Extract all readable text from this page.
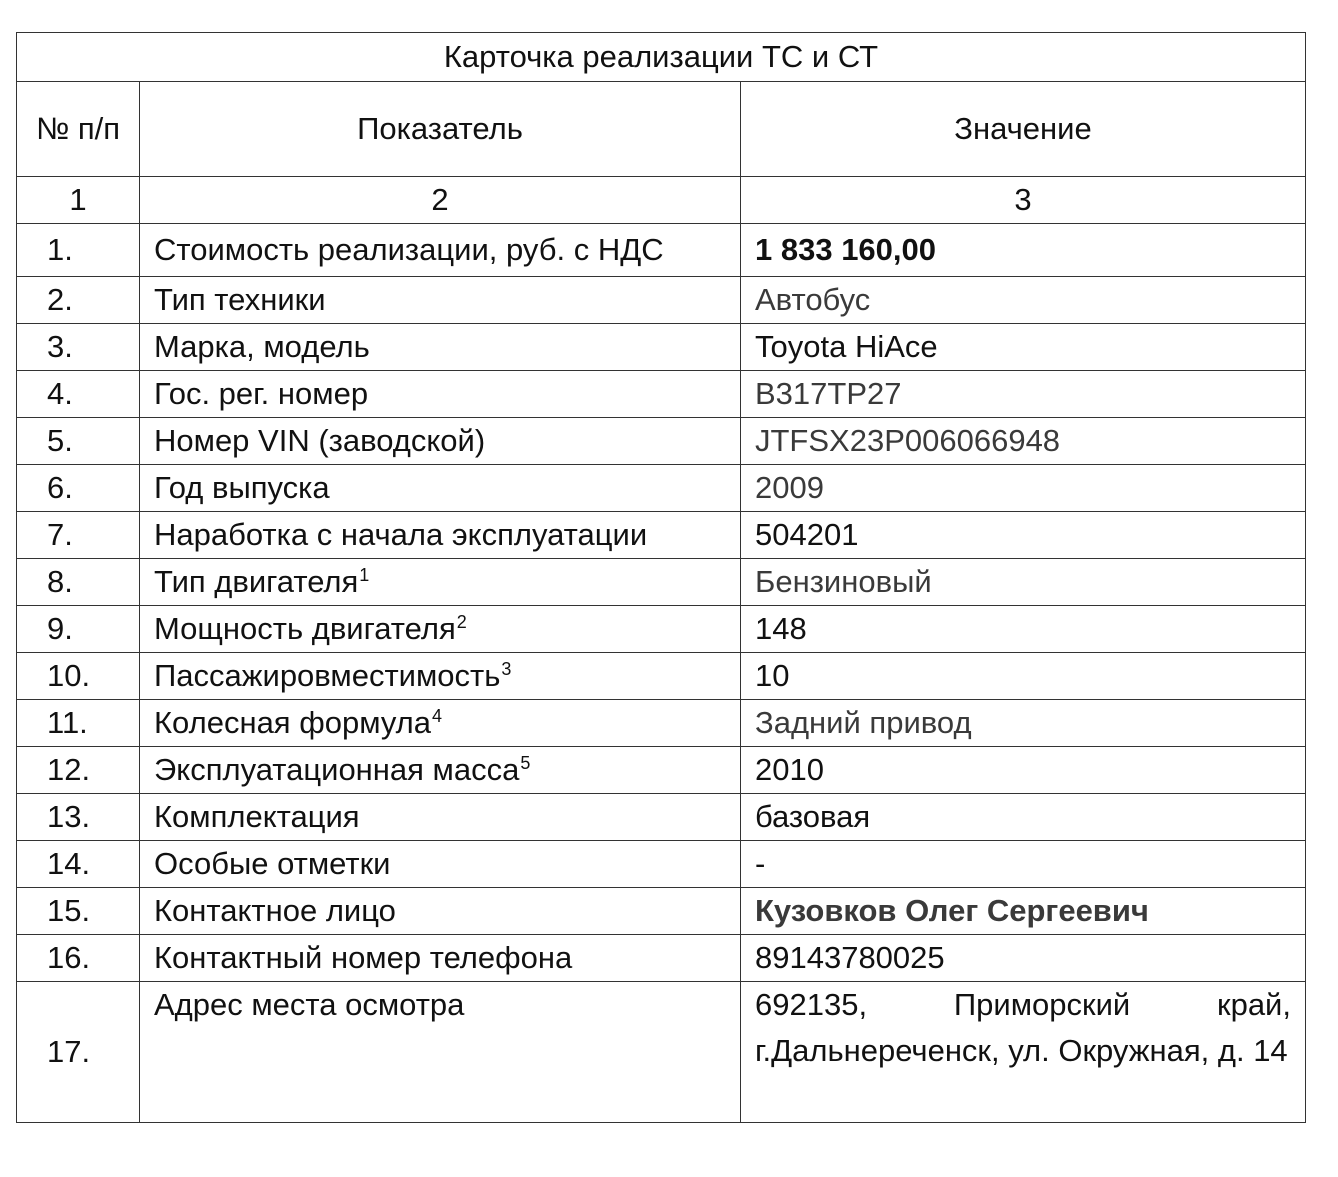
Карточка реализации ТС и СТ		
№ п/п	Показатель	Значение
1	2	3
1.	Стоимость реализации, руб. с НДС	1 833 160,00
2.	Тип техники	Автобус
3.	Марка, модель	Toyota HiAce
4.	Гос. рег. номер	В317ТР27
5.	Номер VIN (заводской)	JTFSX23P006066948
6.	Год выпуска	2009
7.	Наработка с начала эксплуатации	504201
8.	Тип двигателя$^1$	Бензиновый
9.	Мощность двигателя$^2$	148
10.	Пассажировместимость$^3$	10
11.	Колесная формула$^4$	Задний привод
12.	Эксплуатационная масса$^5$	2010
13.	Комплектация	базовая
14.	Особые отметки	-
15.	Контактное лицо	Кузовков Олег Сергеевич
16.	Контактный номер телефона	89143780025
17.	Адрес места осмотра	692135, Приморский край, г.Дальнереченск, ул. Окружная, д. 14
